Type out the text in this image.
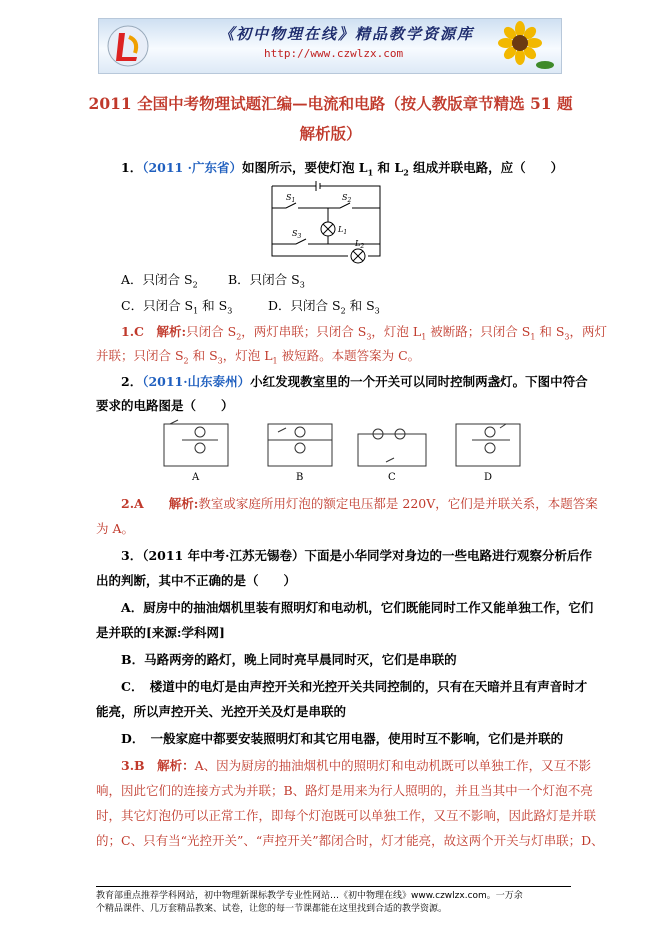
《初中物理在线》精品教学资源库
http://www.czwlzx.com
2011 全国中考物理试题汇编—电流和电路（按人教版章节精选 51 题
解析版）
1．（2011 ·广东省）如图所示，要使灯泡 $L_1$ 和 $L_2$ 组成并联电路，应（　　）
$S_1$	$S_2$
$S_3$
$L_1$
$L_2$
A．只闭合 $S_2$ B．只闭合 $S_3$
C．只闭合 $S_1$ 和 $S_3$	D．只闭合 $S_2$ 和 $S_3$
1.C　 解析:只闭合 $S_2$，两灯串联；只闭合 $S_3$，灯泡 $L_1$ 被断路；只闭合 $S_1$ 和 $S_3$，两灯
并联；只闭合 $S_2$ 和 $S_3$，灯泡 $L_1$ 被短路。本题答案为 C。
2．（2011·山东泰州）小红发现教室里的一个开关可以同时控制两盏灯。下图中符合
要求的电路图是（　　）
A	B	C	D
2.A　　 解析:教室或家庭所用灯泡的额定电压都是 220V，它们是并联关系，本题答案
为 A。
3．（2011 年中考·江苏无锡卷）下面是小华同学对身边的一些电路进行观察分析后作
出的判断，其中不正确的是（　　）
A．厨房中的抽油烟机里装有照明灯和电动机，它们既能同时工作又能单独工作，它们
是并联的[来源:学科网]
B．马路两旁的路灯，晚上同时亮早晨同时灭，它们是串联的
C．　楼道中的电灯是由声控开关和光控开关共同控制的，只有在天暗并且有声音时才
能亮，所以声控开关、光控开关及灯是串联的
D．　一般家庭中都要安装照明灯和其它用电器，使用时互不影响，它们是并联的
3.B　 解析：A、因为厨房的抽油烟机中的照明灯和电动机既可以单独工作，又互不影
响，因此它们的连接方式为并联；B、路灯是用来为行人照明的，并且当其中一个灯泡不亮
时，其它灯泡仍可以正常工作，即每个灯泡既可以单独工作，又互不影响，因此路灯是并联
的；C、只有当“光控开关”、“声控开关”都闭合时，灯才能亮，故这两个开关与灯串联；D、
教育部重点推荐学科网站，初中物理新课标教学专业性网站…《初中物理在线》www.czwlzx.com。一万余
个精品课件、几万套精品教案、试卷，让您的每一节课都能在这里找到合适的教学资源。
